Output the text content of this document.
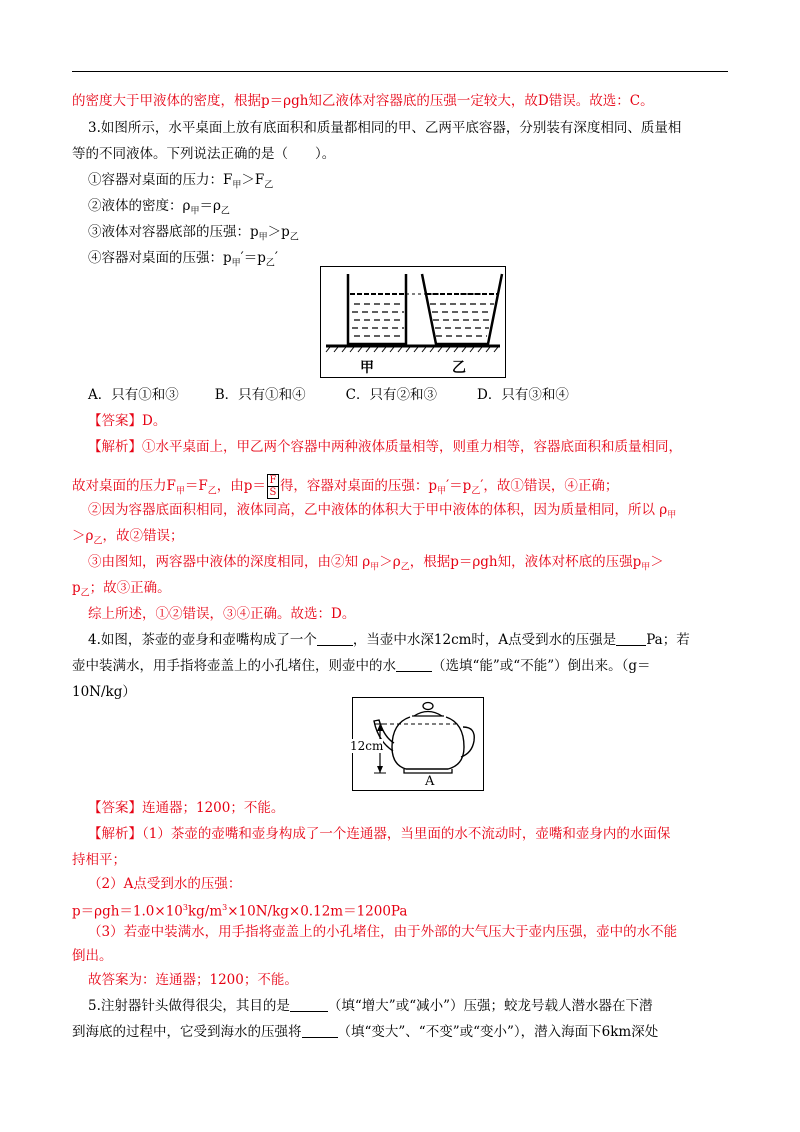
的密度大于甲液体的密度，根据p＝ρgh知乙液体对容器底的压强一定较大，故D错误。故选：C。
3.如图所示，水平桌面上放有底面积和质量都相同的甲、乙两平底容器，分别装有深度相同、质量相
等的不同液体。下列说法正确的是（　　）。
①容器对桌面的压力：$F_甲>F_乙$
②液体的密度：$\rho_甲=\rho_乙$
③液体对容器底部的压强：$p_甲>p_乙$
④容器对桌面的压强：$p_甲'=p_乙'$
甲	乙
A．只有①和③	B．只有①和④	C．只有②和③	D．只有③和④
【答案】D。
【解析】①水平桌面上，甲乙两个容器中两种液体质量相等，则重力相等，容器底面积和质量相同，
故对桌面的压力$F_甲=F_乙$，由$p= \frac{F}{S}$ 得，容器对桌面的压强：$p_甲'=p_乙'$，故①错误，④正确；
②因为容器底面积相同，液体同高，乙中液体的体积大于甲中液体的体积，因为质量相同，所以 $\rho_甲$
$>\rho_乙$，故②错误；
③由图知，两容器中液体的深度相同，由②知 $\rho_甲>\rho_乙$，根据p＝ρgh知，液体对杯底的压强$p_甲>$
$p_乙$；故③正确。
综上所述，①②错误，③④正确。故选：D。
4.如图，茶壶的壶身和壶嘴构成了一个	，当壶中水深12cm时，A点受到水的压强是 Pa；若
壶中装满水，用手指将壶盖上的小孔堵住，则壶中的水	（选填“能”或“不能”）倒出来。（g＝
10N/kg）
12cm
A
【答案】连通器；1200；不能。
【解析】（1）茶壶的壶嘴和壶身构成了一个连通器，当里面的水不流动时，壶嘴和壶身内的水面保
持相平；
（2）A点受到水的压强：
$p=\rho gh=1.0\times 10^3kg/m^3\times 10N/kg\times 0.12m=1200Pa$
（3）若壶中装满水，用手指将壶盖上的小孔堵住，由于外部的大气压大于壶内压强，壶中的水不能
倒出。
故答案为：连通器；1200；不能。
5.注射器针头做得很尖，其目的是	（填“增大”或“减小”）压强；蛟龙号载人潜水器在下潜
到海底的过程中，它受到海水的压强将	（填“变大”、“不变”或“变小”），潜入海面下6km深处
